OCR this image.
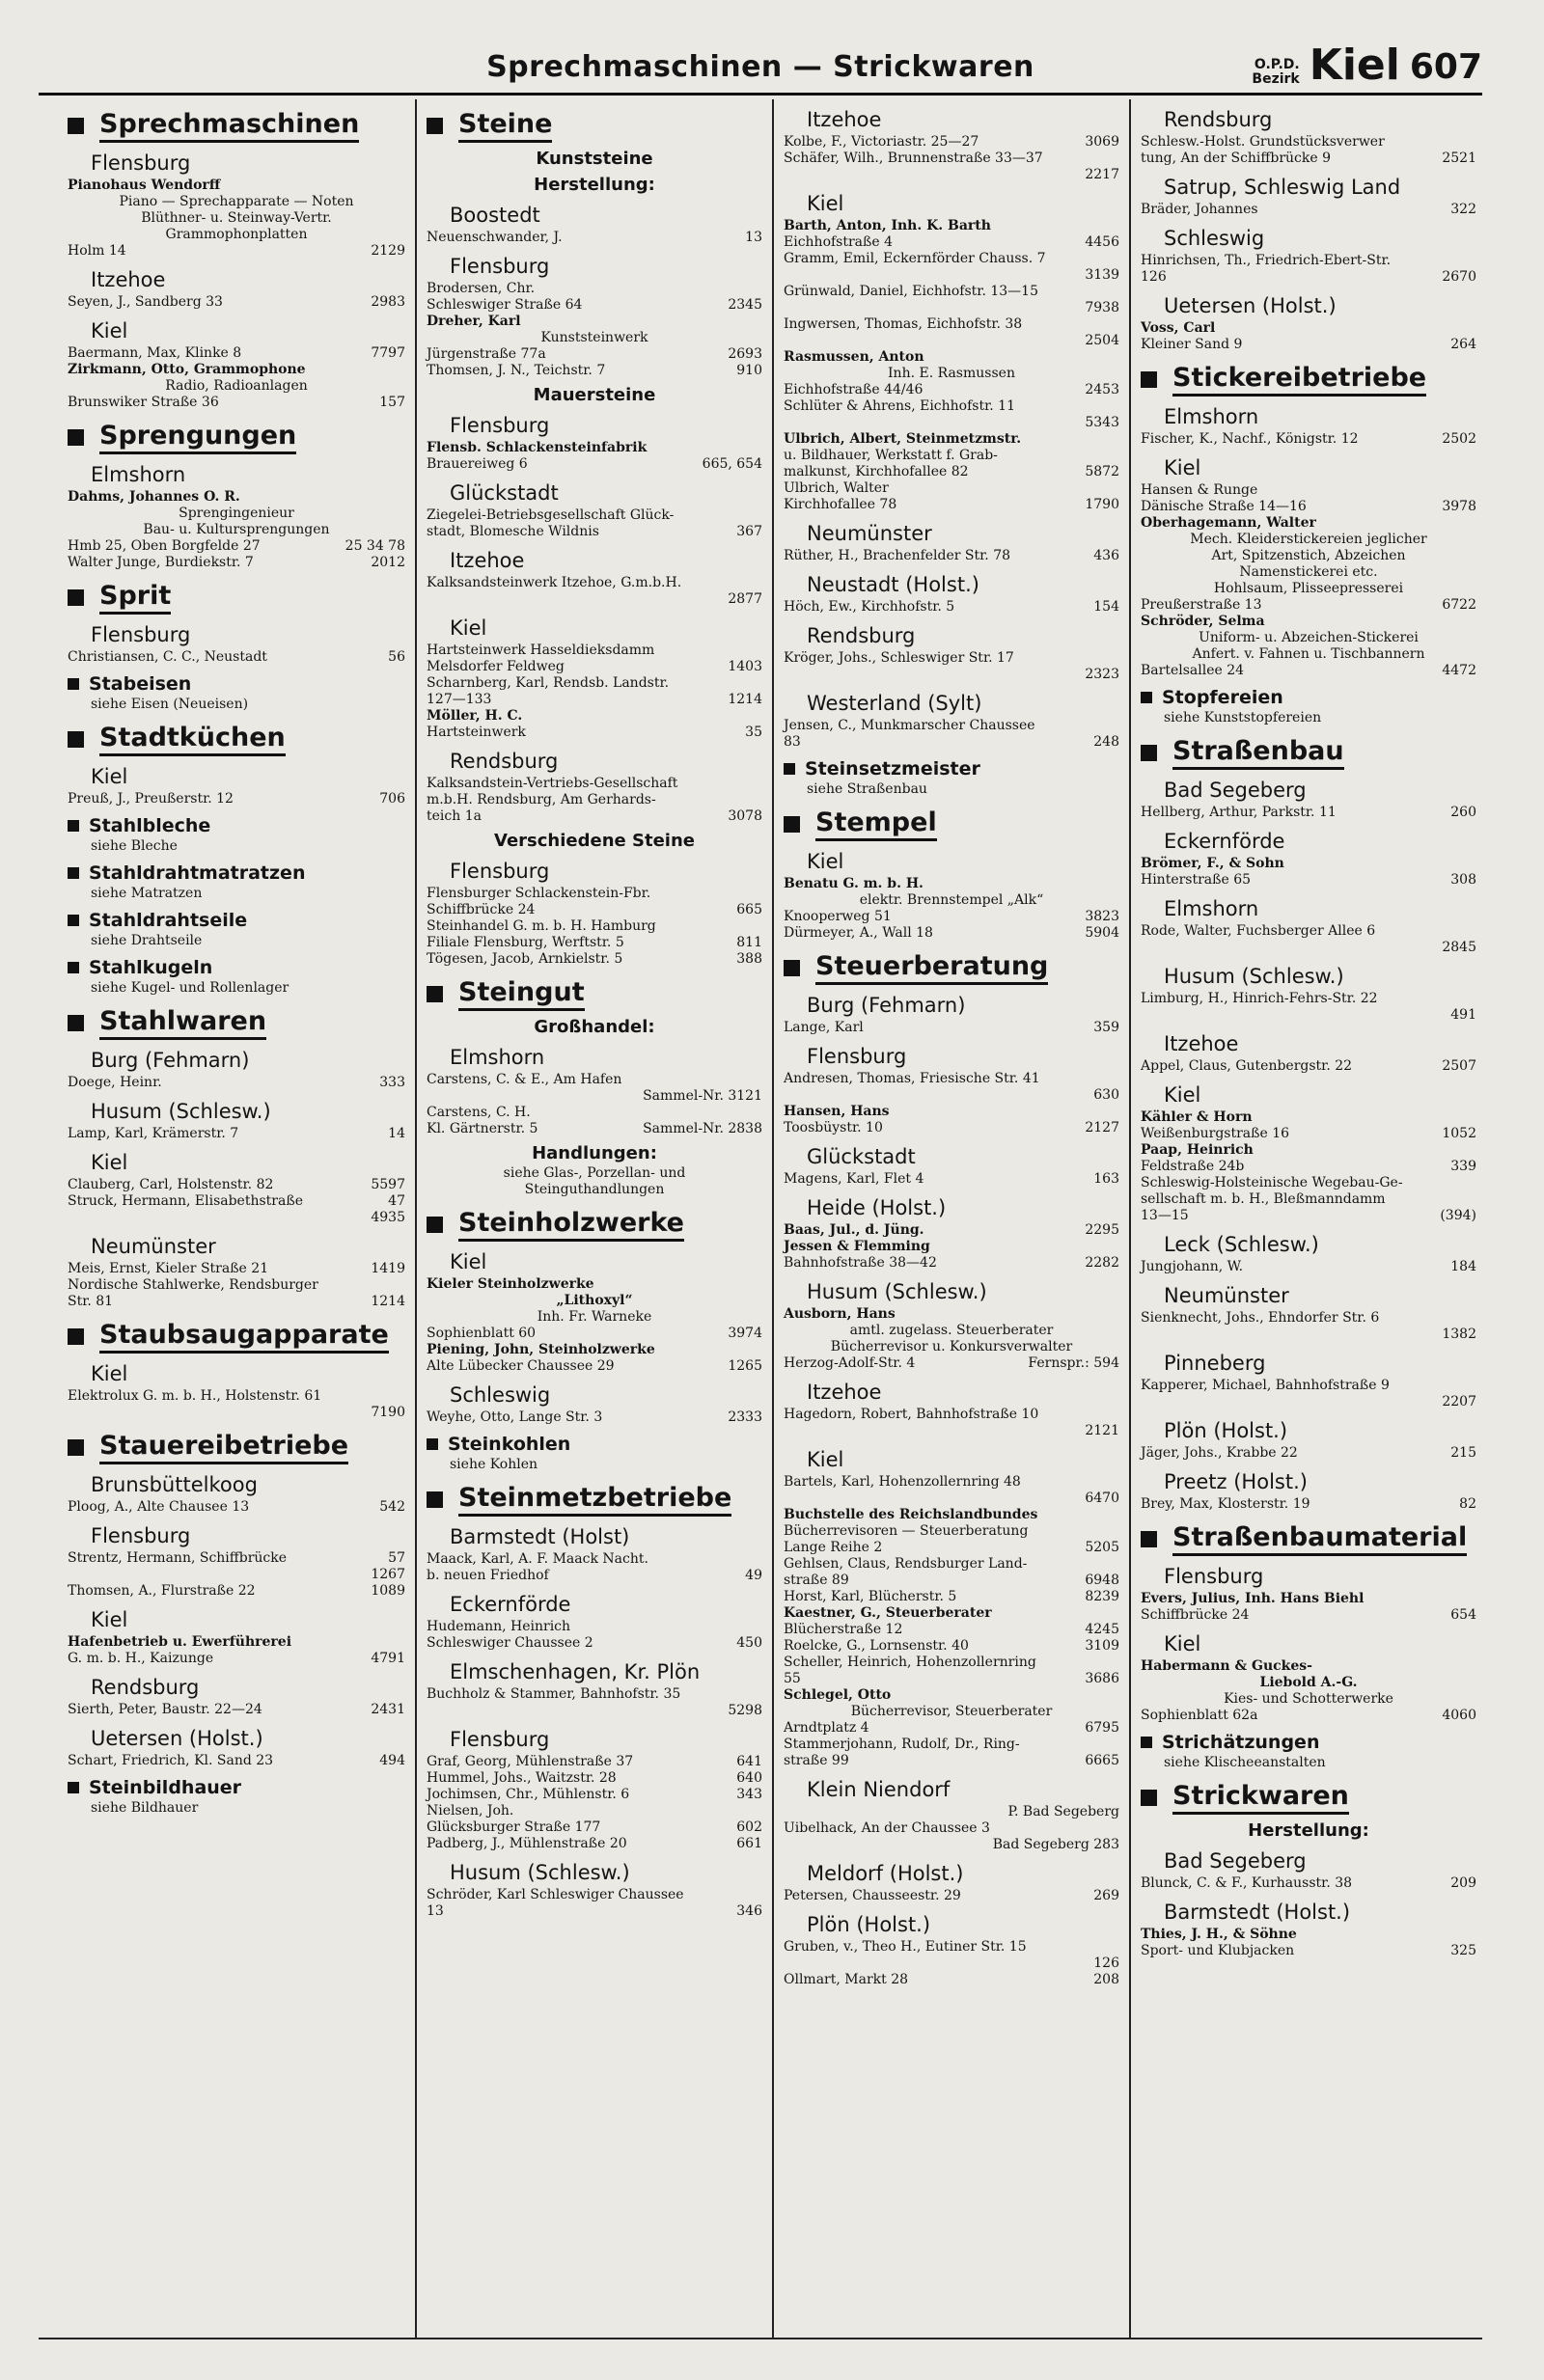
Sprechmaschinen — Strickwaren	O.P.D.
Bezirk Kiel 607
Sprechmaschinen
Flensburg
Pianohaus Wendorff
Piano — Sprechapparate — Noten
Blüthner- u. Steinway-Vertr.
Grammophonplatten
Holm 14	2129
Itzehoe
Seyen, J., Sandberg 33	2983
Kiel
Baermann, Max, Klinke 8	7797
Zirkmann, Otto, Grammophone
Radio, Radioanlagen
Brunswiker Straße 36	157
Sprengungen
Elmshorn
Dahms, Johannes O. R.
Sprengingenieur
Bau- u. Kultursprengungen
Hmb 25, Oben Borgfelde 27	25 34 78
Walter Junge, Burdiekstr. 7	2012
Sprit
Flensburg
Christiansen, C. C., Neustadt	56
Stabeisen
siehe Eisen (Neueisen)
Stadtküchen
Kiel
Preuß, J., Preußerstr. 12	706
Stahlbleche
siehe Bleche
Stahldrahtmatratzen
siehe Matratzen
Stahldrahtseile
siehe Drahtseile
Stahlkugeln
siehe Kugel- und Rollenlager
Stahlwaren
Burg (Fehmarn)
Doege, Heinr.	333
Husum (Schlesw.)
Lamp, Karl, Krämerstr. 7	14
Kiel
Clauberg, Carl, Holstenstr. 82	5597
Struck, Hermann, Elisabethstraße	47
4935
Neumünster
Meis, Ernst, Kieler Straße 21	1419
Nordische Stahlwerke, Rendsburger
Str. 81	1214
Staubsaugapparate
Kiel
Elektrolux G. m. b. H., Holstenstr. 61
7190
Stauereibetriebe
Brunsbüttelkoog
Ploog, A., Alte Chausee 13	542
Flensburg
Strentz, Hermann, Schiffbrücke	57
1267
Thomsen, A., Flurstraße 22	1089
Kiel
Hafenbetrieb u. Ewerführerei
G. m. b. H., Kaizunge	4791
Rendsburg
Sierth, Peter, Baustr. 22—24	2431
Uetersen (Holst.)
Schart, Friedrich, Kl. Sand 23	494
Steinbildhauer
siehe Bildhauer
Steine
Kunststeine
Herstellung:
Boostedt
Neuenschwander, J.	13
Flensburg
Brodersen, Chr.
Schleswiger Straße 64	2345
Dreher, Karl
Kunststeinwerk
Jürgenstraße 77a	2693
Thomsen, J. N., Teichstr. 7	910
Mauersteine
Flensburg
Flensb. Schlackensteinfabrik
Brauereiweg 6	665, 654
Glückstadt
Ziegelei-Betriebsgesellschaft Glück-
stadt, Blomesche Wildnis	367
Itzehoe
Kalksandsteinwerk Itzehoe, G.m.b.H.
2877
Kiel
Hartsteinwerk Hasseldieksdamm
Melsdorfer Feldweg	1403
Scharnberg, Karl, Rendsb. Landstr.
127—133	1214
Möller, H. C.
Hartsteinwerk	35
Rendsburg
Kalksandstein-Vertriebs-Gesellschaft
m.b.H. Rendsburg, Am Gerhards-
teich 1a	3078
Verschiedene Steine
Flensburg
Flensburger Schlackenstein-Fbr.
Schiffbrücke 24	665
Steinhandel G. m. b. H. Hamburg
Filiale Flensburg, Werftstr. 5	811
Tögesen, Jacob, Arnkielstr. 5	388
Steingut
Großhandel:
Elmshorn
Carstens, C. & E., Am Hafen
Sammel-Nr. 3121
Carstens, C. H.
Kl. Gärtnerstr. 5	Sammel-Nr. 2838
Handlungen:
siehe Glas-, Porzellan- und
Steinguthandlungen
Steinholzwerke
Kiel
Kieler Steinholzwerke
„Lithoxyl“
Inh. Fr. Warneke
Sophienblatt 60	3974
Piening, John, Steinholzwerke
Alte Lübecker Chaussee 29	1265
Schleswig
Weyhe, Otto, Lange Str. 3	2333
Steinkohlen
siehe Kohlen
Steinmetzbetriebe
Barmstedt (Holst)
Maack, Karl, A. F. Maack Nacht.
b. neuen Friedhof	49
Eckernförde
Hudemann, Heinrich
Schleswiger Chaussee 2	450
Elmschenhagen, Kr. Plön
Buchholz & Stammer, Bahnhofstr. 35
5298
Flensburg
Graf, Georg, Mühlenstraße 37	641
Hummel, Johs., Waitzstr. 28	640
Jochimsen, Chr., Mühlenstr. 6	343
Nielsen, Joh.
Glücksburger Straße 177	602
Padberg, J., Mühlenstraße 20	661
Husum (Schlesw.)
Schröder, Karl Schleswiger Chaussee
13	346
Itzehoe
Kolbe, F., Victoriastr. 25—27	3069
Schäfer, Wilh., Brunnenstraße 33—37
2217
Kiel
Barth, Anton, Inh. K. Barth
Eichhofstraße 4	4456
Gramm, Emil, Eckernförder Chauss. 7
3139
Grünwald, Daniel, Eichhofstr. 13—15
7938
Ingwersen, Thomas, Eichhofstr. 38
2504
Rasmussen, Anton
Inh. E. Rasmussen
Eichhofstraße 44/46	2453
Schlüter & Ahrens, Eichhofstr. 11
5343
Ulbrich, Albert, Steinmetzmstr.
u. Bildhauer, Werkstatt f. Grab-
malkunst, Kirchhofallee 82	5872
Ulbrich, Walter
Kirchhofallee 78	1790
Neumünster
Rüther, H., Brachenfelder Str. 78	436
Neustadt (Holst.)
Höch, Ew., Kirchhofstr. 5	154
Rendsburg
Kröger, Johs., Schleswiger Str. 17
2323
Westerland (Sylt)
Jensen, C., Munkmarscher Chaussee
83	248
Steinsetzmeister
siehe Straßenbau
Stempel
Kiel
Benatu G. m. b. H.
elektr. Brennstempel „Alk“
Knooperweg 51	3823
Dürmeyer, A., Wall 18	5904
Steuerberatung
Burg (Fehmarn)
Lange, Karl	359
Flensburg
Andresen, Thomas, Friesische Str. 41
630
Hansen, Hans
Toosbüystr. 10	2127
Glückstadt
Magens, Karl, Flet 4	163
Heide (Holst.)
Baas, Jul., d. Jüng.	2295
Jessen & Flemming
Bahnhofstraße 38—42	2282
Husum (Schlesw.)
Ausborn, Hans
amtl. zugelass. Steuerberater
Bücherrevisor u. Konkursverwalter
Herzog-Adolf-Str. 4	Fernspr.: 594
Itzehoe
Hagedorn, Robert, Bahnhofstraße 10
2121
Kiel
Bartels, Karl, Hohenzollernring 48
6470
Buchstelle des Reichslandbundes
Bücherrevisoren — Steuerberatung
Lange Reihe 2	5205
Gehlsen, Claus, Rendsburger Land-
straße 89	6948
Horst, Karl, Blücherstr. 5	8239
Kaestner, G., Steuerberater
Blücherstraße 12	4245
Roelcke, G., Lornsenstr. 40	3109
Scheller, Heinrich, Hohenzollernring
55	3686
Schlegel, Otto
Bücherrevisor, Steuerberater
Arndtplatz 4	6795
Stammerjohann, Rudolf, Dr., Ring-
straße 99	6665
Klein Niendorf
P. Bad Segeberg
Uibelhack, An der Chaussee 3
Bad Segeberg 283
Meldorf (Holst.)
Petersen, Chausseestr. 29	269
Plön (Holst.)
Gruben, v., Theo H., Eutiner Str. 15
126
Ollmart, Markt 28	208
Rendsburg
Schlesw.-Holst. Grundstücksverwer
tung, An der Schiffbrücke 9	2521
Satrup, Schleswig Land
Bräder, Johannes	322
Schleswig
Hinrichsen, Th., Friedrich-Ebert-Str.
126	2670
Uetersen (Holst.)
Voss, Carl
Kleiner Sand 9	264
Stickereibetriebe
Elmshorn
Fischer, K., Nachf., Königstr. 12	2502
Kiel
Hansen & Runge
Dänische Straße 14—16	3978
Oberhagemann, Walter
Mech. Kleiderstickereien jeglicher
Art, Spitzenstich, Abzeichen
Namenstickerei etc.
Hohlsaum, Plisseepresserei
Preußerstraße 13	6722
Schröder, Selma
Uniform- u. Abzeichen-Stickerei
Anfert. v. Fahnen u. Tischbannern
Bartelsallee 24	4472
Stopfereien
siehe Kunststopfereien
Straßenbau
Bad Segeberg
Hellberg, Arthur, Parkstr. 11	260
Eckernförde
Brömer, F., & Sohn
Hinterstraße 65	308
Elmshorn
Rode, Walter, Fuchsberger Allee 6
2845
Husum (Schlesw.)
Limburg, H., Hinrich-Fehrs-Str. 22
491
Itzehoe
Appel, Claus, Gutenbergstr. 22	2507
Kiel
Kähler & Horn
Weißenburgstraße 16	1052
Paap, Heinrich
Feldstraße 24b	339
Schleswig-Holsteinische Wegebau-Ge-
sellschaft m. b. H., Bleßmanndamm
13—15	(394)
Leck (Schlesw.)
Jungjohann, W.	184
Neumünster
Sienknecht, Johs., Ehndorfer Str. 6
1382
Pinneberg
Kapperer, Michael, Bahnhofstraße 9
2207
Plön (Holst.)
Jäger, Johs., Krabbe 22	215
Preetz (Holst.)
Brey, Max, Klosterstr. 19	82
Straßenbaumaterial
Flensburg
Evers, Julius, Inh. Hans Biehl
Schiffbrücke 24	654
Kiel
Habermann & Guckes-
Liebold A.-G.
Kies- und Schotterwerke
Sophienblatt 62a	4060
Strichätzungen
siehe Klischeeanstalten
Strickwaren
Herstellung:
Bad Segeberg
Blunck, C. & F., Kurhausstr. 38	209
Barmstedt (Holst.)
Thies, J. H., & Söhne
Sport- und Klubjacken	325
